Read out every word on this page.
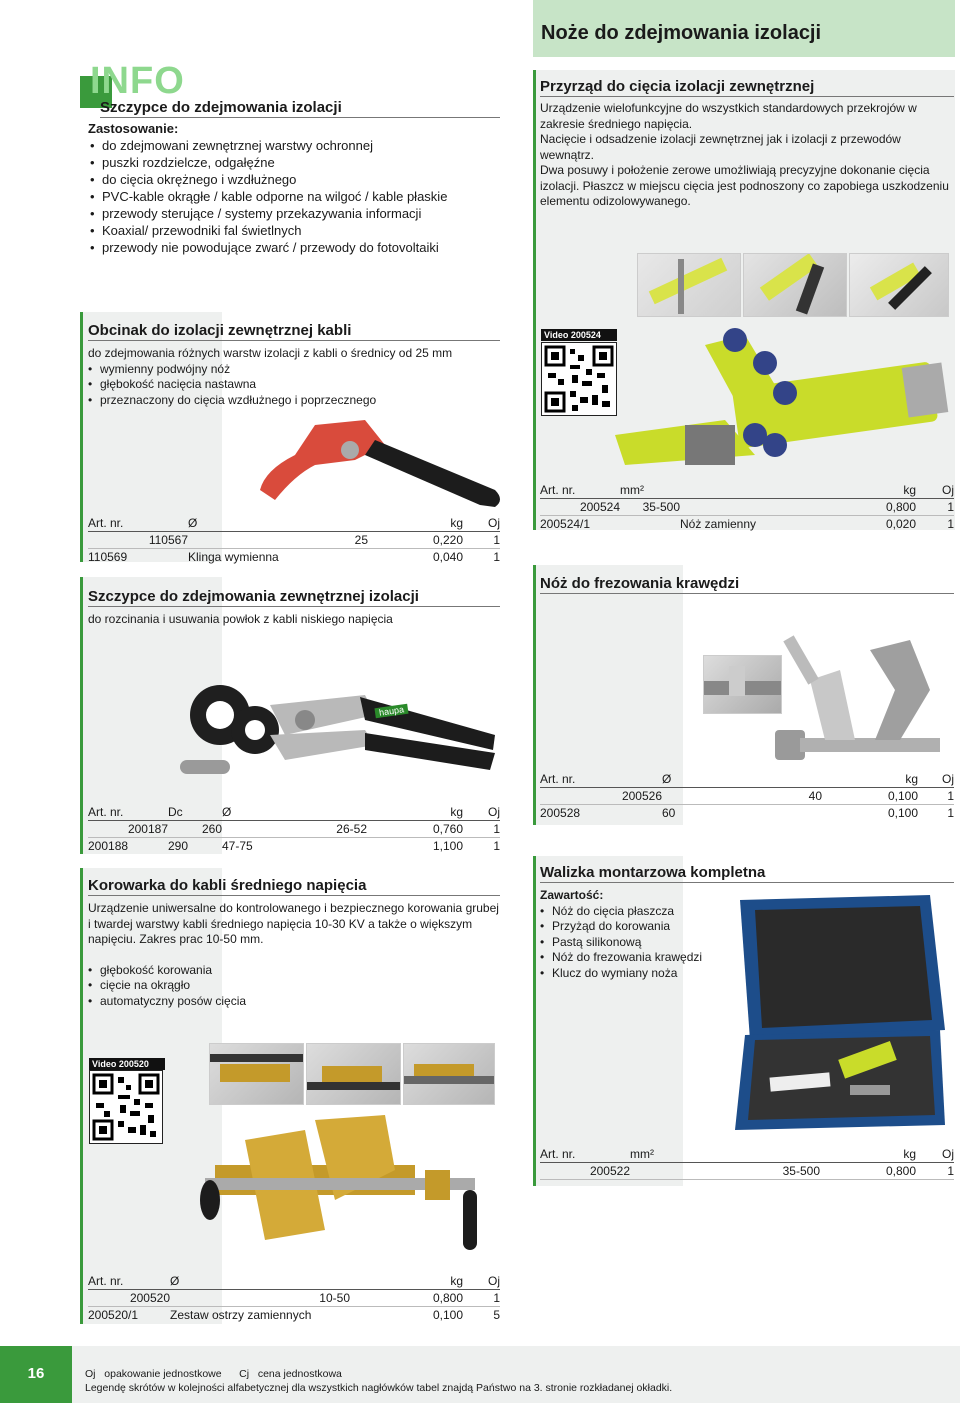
Noże do zdejmowania izolacji
INFO
Szczypce do zdejmowania izolacji
Zastosowanie:
• do zdejmowani zewnętrznej warstwy ochronnej
• puszki rozdzielcze, odgałęźne
• do cięcia okrężnego i wzdłużnego
• PVC-kable okrągłe / kable odporne na wilgoć / kable płaskie
• przewody sterujące / systemy przekazywania informacji
• Koaxial/ przewodniki fal świetlnych
• przewody nie powodujące zwarć / przewody do fotovoltaiki
Przyrząd do cięcia izolacji zewnętrznej
Urządzenie wielofunkcyjne do wszystkich standardowych przekrojów w zakresie średniego napięcia.
Nacięcie i odsadzenie izolacji zewnętrznej jak i izolacji z przewodów wewnątrz.
Dwa posuwy i położenie zerowe umożliwiają precyzyjne dokonanie cięcia izolacji. Płaszcz w miejscu cięcia jest podnoszony co zapobiega uszkodzeniu elementu odizolowywanego.
Video 200524
Art. nr.	mm²		kg	Oj
200524	35-500		0,800	1
200524/1		Nóż zamienny	0,020	1
Obcinak do izolacji zewnętrznej kabli
do zdejmowania różnych warstw izolacji z kabli o średnicy od 25 mm
• wymienny podwójny nóż
• głębokość nacięcia nastawna
• przeznaczony do cięcia wzdłużnego i poprzecznego
Art. nr.	Ø	kg	Oj
110567	25	0,220	1
110569	Klinga wymienna	0,040	1
Nóż do frezowania krawędzi
Art. nr.	Ø	kg	Oj
200526	40	0,100	1
200528	60	0,100	1
Szczypce do zdejmowania zewnętrznej izolacji
do rozcinania i usuwania powłok z kabli niskiego napięcia
haupa
Art. nr.	Dc	Ø	kg	Oj
200187	260	26-52	0,760	1
200188	290	47-75	1,100	1
Walizka montarzowa kompletna
Zawartość:
• Nóż do cięcia płaszcza
• Przyżąd do korowania
• Pastą silikonową
• Nóż do frezowania krawędzi
• Klucz do wymiany noża
Art. nr.	mm²	kg	Oj
200522	35-500	0,800	1
Korowarka do kabli średniego napięcia
Urządzenie uniwersalne do kontrolowanego i bezpiecznego korowania grubej i twardej warstwy kabli średniego napięcia 10-30 KV a także o większym napięciu. Zakres prac 10-50 mm.
• głębokość korowania
• cięcie na okrągło
• automatyczny posów cięcia
Video 200520
Art. nr.	Ø	kg	Oj
200520	10-50	0,800	1
200520/1	Zestaw ostrzy zamiennych	0,100	5
16	Oj opakowanie jednostkowe Cj cena jednostkowa
Legendę skrótów w kolejności alfabetycznej dla wszystkich nagłówków tabel znajdą Państwo na 3. stronie rozkładanej okładki.
